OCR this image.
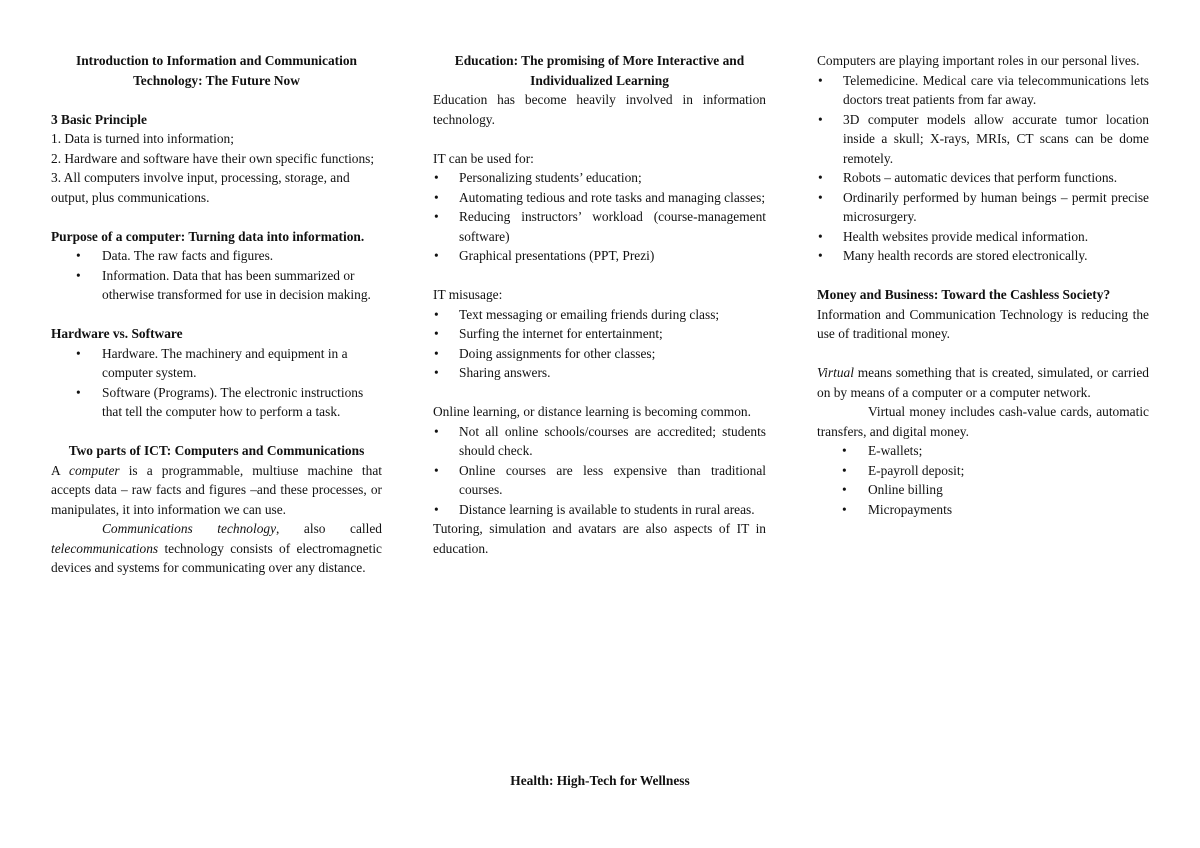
Introduction to Information and Communication Technology: The Future Now

3 Basic Principle

1. Data is turned into information;

2. Hardware and software have their own specific functions;

3. All computers involve input, processing, storage, and output, plus communications.

Purpose of a computer: Turning data into information.

• Data. The raw facts and figures.
• Information. Data that has been summarized or otherwise transformed for use in decision making.

Hardware vs. Software

• Hardware. The machinery and equipment in a computer system.
• Software (Programs). The electronic instructions that tell the computer how to perform a task.

Two parts of ICT: Computers and Communications

A computer is a programmable, multiuse machine that accepts data – raw facts and figures –and these processes, or manipulates, it into information we can use.

Communications technology, also called telecommunications technology consists of electromagnetic devices and systems for communicating over any distance.

Education: The promising of More Interactive and Individualized Learning

Education has become heavily involved in information technology.

IT can be used for:

• Personalizing students’ education;
• Automating tedious and rote tasks and managing classes;
• Reducing instructors’ workload (course-management software)
• Graphical presentations (PPT, Prezi)

IT misusage:

• Text messaging or emailing friends during class;
• Surfing the internet for entertainment;
• Doing assignments for other classes;
• Sharing answers.

Online learning, or distance learning is becoming common.

• Not all online schools/courses are accredited; students should check.
• Online courses are less expensive than traditional courses.
• Distance learning is available to students in rural areas.

Tutoring, simulation and avatars are also aspects of IT in education.

Computers are playing important roles in our personal lives.

• Telemedicine. Medical care via telecommunications lets doctors treat patients from far away.
• 3D computer models allow accurate tumor location inside a skull; X-rays, MRIs, CT scans can be dome remotely.
• Robots – automatic devices that perform functions.
• Ordinarily performed by human beings – permit precise microsurgery.
• Health websites provide medical information.
• Many health records are stored electronically.

Money and Business: Toward the Cashless Society?

Information and Communication Technology is reducing the use of traditional money.

Virtual means something that is created, simulated, or carried on by means of a computer or a computer network.

Virtual money includes cash-value cards, automatic transfers, and digital money.

• E-wallets;
• E-payroll deposit;
• Online billing
• Micropayments

Health: High-Tech for Wellness
